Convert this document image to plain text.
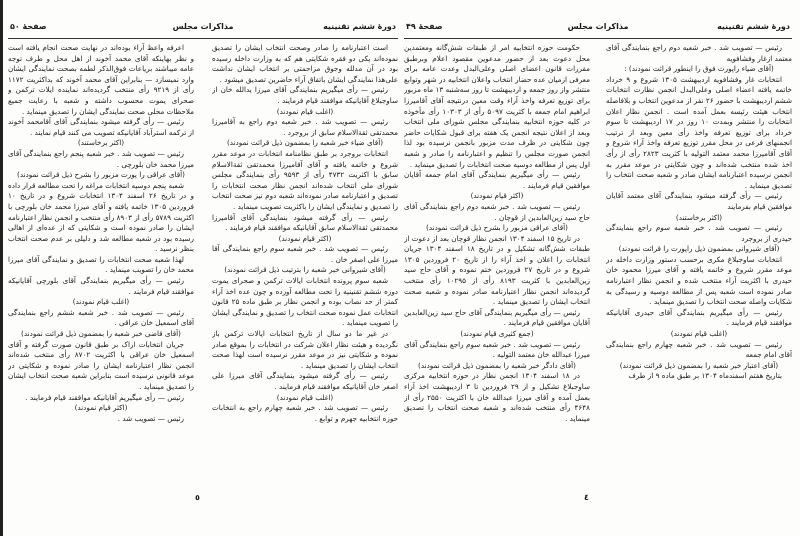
دورهٔ ششم تقنینیه
مذاکرات مجلس
صفحهٔ ۵۰

است اعتبارنامه را صادر وصحت انتخاب ایشان را تصدیق نموده‌اند یکی دو فقره شکایتی هم که به وزارت داخله رسیده بود در آن مدلله وجوق مزاحمتی بر انتخاب ایشان نداشت علی‌هذا نمایندگی ایشان باتفاق آراء حاضرین تصدیق میشود .

رئیس — رأی میگیریم بنمایندگی آقای میرزا یدالله خان از ساوجبلاغ آقایانیکه موافقند قیام فرمایند .

(اغلب قیام نمودند)

رئیس — تصویب شد . خبر شعبه دوم راجع به آقامیرزا محمدتقی ثقةالاسلام سابق از بروجرد .

(آقای ضیاء خبر شعبه را بمضمون ذیل قرائت نمودند)

انتخابات بروجرد بر طبق نظامنامه انتخابات در موعد مقرر شروع و خاتمه یافته و آقای آقامیرزا محمدتقی ثقةالاسلام سابق با اکثریت ۴۷۳۲ رأی از ۹۵۹۳ رأی بنمایندگی مجلس شورای ملی انتخاب شده‌اند انجمن نظار صحت انتخابات را تصدیق و اعتبارنامه صادر نموده‌اند شعبه دوم نیز صحت انتخاب را تصدیق و نمایندگی ایشان را باکثریت تصویب مینماید .

رئیس — رأی گرفته میشود بنمایندگی آقای آقامیرزا محمدتقی ثقةالاسلام سابق آقایانیکه موافقند قیام فرمایند .

(اکثر قیام نمودند)

رئیس — تصویب شد . خبر شعبه سوم راجع بنمایندگی آقا میرزا علی اصغر خان .

(آقای شیروانی خبر شعبه را بترتیب ذیل قرائت نمودند)

شعبه سوم پرونده انتخابات ایالات ترکمن و صحرای یموت دوره ششم تقنینیه را تحت مطالعه آورده و چون عده اخذ آراء کمتر از حد نصاب بوده و انجمن نظار بر طبق ماده ۲۵ قانون انتخابات عمل نموده صحت انتخاب را تصدیق و نمایندگی ایشان را تصویب مینماید .

در غیر ما دو سال از تاریخ انتخابات ایالات ترکمن باز نگردیده و هیئت نظار اعلان شرکت در انتخابات را بموقع صادر نموده و شکایتی نیز در موعد مقرر نرسیده است لهذا صحت انتخاب ایشان را تصدیق مینماید .

رئیس — رأی گرفته میشود بنمایندگی آقای میرزا علی اصغر خان آقایانیکه موافقند قیام فرمایند .

(اغلب قیام نمودند)

رئیس — تصویب شد . خبر شعبه چهارم راجع به انتخابات حوزه انتخابیه جهرم و توابع .

اعرفه واعظ آراء بوده‌اند در نهایت صحت انجام یافته است و نظر بهاینکه آقای محمد آخوند از اهل محل و طرف توجه عامه میباشند بریاعات فوق‌الذکر لطمه بصحت نمایندگی ایشان وارد نمیسازد — بنابراین آقای محمد آخوند که بداکثریت ۱۱۷۲ رأی از ۹۲۱۹ رأی منتخب گردیده‌اند نماینده ایلات ترکمن و صحرای یموت محسوب داشته و شعبه با رعایت جمیع ملاحظات محلی صحت نمایندگی ایشان را تصدیق مینماید .

رئیس — رأی گرفته میشود بنمایندگی آقای آقامحمد آخوند از ترکمه استرآباد آقایانیکه تصویب می کنند قیام نمایند .

(اکثر برخاستند)

رئیس — تصویب شد . خبر شعبه پنجم راجع بنمایندگی آقای میرزا محمد خان بلورچی .

(آقای عراقی را پورت مزبور را بشرح ذیل قرائت نمودند)

شعبه پنجم دوسیه انتخابات مراغه را تحت مطالعه قرار داده و در تاریخ ۲۶ اسفند ۱۳۰۴ انتخابات شروع و در تاریخ ۱۰ فروردین ۱۳۰۵ خاتمه یافته و آقای میرزا محمد خان بلورچی با اکثریت ۵۷۸۹ رأی از ۸۹۰۳ رأی منتخب و انجمن نظار اعتبارنامه ایشان را صادر نموده است و شکایتی که از عده‌ای از اهالی رسیده بود در شعبه مطالعه شد و دلیلی بر عدم صحت انتخاب بنظر نرسید .

لهذا شعبه صحت انتخابات را تصدیق و نمایندگی آقای میرزا محمد خان را تصویب مینماید .

رئیس — رأی میگیریم بنمایندگی آقای بلورچی آقایانیکه موافقند قیام فرمایند .

(اغلب قیام نمودند)

رئیس — تصویب شد . خبر شعبه ششم راجع بنمایندگی آقای اسمعیل خان عراقی .

(آقای قاضی خبر شعبه را بمضمون ذیل قرائت نمودند)

جریان انتخابات اراک بر طبق قانون صورت گرفته و آقای اسمعیل خان عراقی با اکثریت ۸۷۰۲ رأی منتخب شده‌اند انجمن نظار اعتبارنامه ایشان را صادر نموده و شکایتی در موعد قانونی نرسیده است بنابراین شعبه صحت انتخاب ایشان را تصدیق مینماید .

رئیس — رأی میگیریم آقایانیکه موافقند قیام فرمایند .

(اکثر قیام نمودند)

رئیس — تصویب شد .

٥
دورهٔ ششم تقنینیه
مذاکرات مجلس
صفحهٔ ۴۹

رئیس — تصویب شد . خبر شعبه دوم راجع بنمایندگی آقای معتمد ازغار وفشافویه

(آقای ضیاء راپورت فوق را اینطور قرائت نمودند) :

انتخابات غار وفشافویه اردیبهشت ۱۳۰۵ شروع و ۹ خرداد خاتمه یافته اعضاء اصلی وعلی‌البدل انجمن نظارت انتخابات ششم اردیبهشت با حضور ۲۶ نفر از مدعوین انتخاب و بلافاصله انتخاب هیئت رئیسه بعمل آمده است . انجمن نظار اعلان انتخابات را منتشر وبمدت ۱۰ روز در ۱۷ اردیبهشت تا سوم خرداد برای توزیع تعرفه واخذ رأی معین وبعد از ترتیب انجمنهای فرعی در محل مقرر توزیع تعرفه واخذ آراء شروع و آقای آقامیرزا محمد معتمد التولیه با کثریت ۲۸۲۳ رأی از رأی اخذ شده منتخب شده‌اند و چون شکایتی در موعد مقرر به انجمن نرسیده اعتبارنامه ایشان صادر و شعبه صحت انتخاب را تصدیق مینماید .

رئیس — رأی گرفته میشود بنمایندگی آقای معتمد آقایان موافقین قیام بفرمایند

(اکثر برخاستند)

رئیس — تصویب شد . خبر شعبه سوم راجع بنمایندگی حیدری از بروجرد

(آقای شیروانی بمضمون ذیل راپورت را قرائت نمودند)

انتخابات ساوجبلاغ مکری برحسب دستور وزارت داخله در موعد مقرر شروع و خاتمه یافته و آقای میرزا محمود خان حیدری با اکثریت آراء منتخب شده و انجمن نظار اعتبارنامه صادر نموده است شعبه پس از مطالعه دوسیه و رسیدگی به شکایات واصله صحت انتخاب را تصدیق مینماید .

رئیس — رأی میگیریم بنمایندگی آقای حیدری آقایانیکه موافقند قیام فرمایند .

(اغلب قیام نمودند)

رئیس — تصویب شد . خبر شعبه چهارم راجع بنمایندگی آقای امام جمعه

(آقای اعتبار خبر شعبه را بمضمون ذیل قرائت نمودند)

بتاریخ هفتم اسفندماه ۱۳۰۴ بر طبق ماده ۹ از طرف

حکومت حوزه انتخابیه امر از طبقات شش‌گانه ومعتمدین محل دعوت بعد از حضور مدعوین مقصود اعلام وبرطبق مقررات قانون اعضای اصلی وعلی‌البدل وعدت عامه برای معرفی ازمیان عده حضار انتخاب واعلان انتخابیه در شهر وتوابع منتشر واز روز جمعه و اردیبهشت تا روز سه‌شنبه ۱۳ ماه مزبور برای توزیع تعرفه واخذ آراء وقت معین درنتیجه آقای آقامیرزا ابراهیم امام جمعه با کثریت ۵۰۹۷ رأی از ۱۰۳۰۳ رأی مأخوذه در کلیه حوزه انتخابیه بنمایندگی مجلس شورای ملی انتخاب وبعد از اعلان نتیجه انجمن یک هفته برای قبول شکایات حاضر چون شکایتی در ظرف مدت مزبور بانجمن نرسیده بود لذا انجمن صورت مجلس را تنظیم و اعتبارنامه را صادر و شعبه اول پس از مطالعه دوسیه صحت انتخابات را تصدیق مینماید .

رئیس — رأی میگیریم بنمایندگی آقای امام جمعه آقایان موافقین قیام فرمایند .

(اکثر قیام نمودند)

رئیس — تصویب شد . خبر شعبه دوم راجع بنمایندگی آقای حاج سید زین‌العابدین از قوچان .

(آقای عراقی مزبور را بشرح ذیل قرائت نمودند)

در تاریخ ۱۵ اسفند ۱۳۰۴ انجمن نظار قوچان بعد از دعوت از طبقات شش‌گانه تشکیل و در تاریخ ۱۸ اسفند ۱۳۰۴ جریان انتخابات را اعلان و اخذ آراء را از تاریخ ۲۰ فروردین ۱۳۰۵ شروع و در تاریخ ۲۷ فروردین ختم نموده و آقای حاج سید زین‌العابدین با کثریت ۸۱۹۳ رأی از ۱۰۲۹۵ رأی منتخب گردیده‌اند انجمن نظار اعتبارنامه صادر نموده و شعبه صحت انتخاب ایشان را تصدیق مینماید .

رئیس — رأی میگیریم بنمایندگی آقای حاج سید زین‌العابدین آقایان موافقین قیام فرمایند .

(جمع کثیری قیام نمودند)

رئیس — تصویب شد . خبر شعبه سوم راجع بنمایندگی آقای میرزا عبدالله خان معتمد التولیه .

(آقای دادگر خبر شعبه را بمضمون ذیل قرائت نمودند)

در ۱۸ اسفند ۱۳۰۴ انجمن نظار در حوزه انتخابیه مرکزی ساوجبلاغ تشکیل و از ۲۹ فروردین تا ۳ اردیبهشت اخذ آراء بعمل آمده و آقای میرزا عبدالله خان با اکثریت ۲۵۵۰ رأی از ۴۶۴۸ رأی منتخب شده‌اند و شعبه صحت انتخاب را تصدیق مینماید .

٤
